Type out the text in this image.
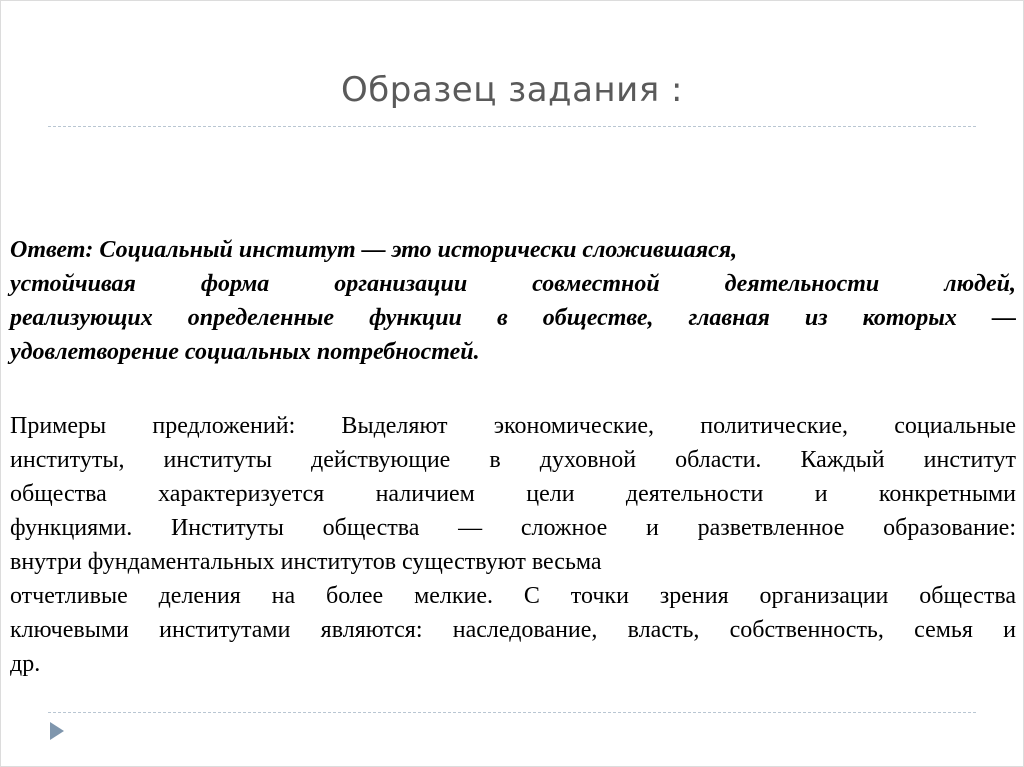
Образец задания :
Ответ: Социальный институт — это исторически сложившаяся,
устойчивая форма организации совместной деятельности людей,
реализующих определенные функции в обществе, главная из которых —
удовлетворение социальных потребностей.
Примеры предложений: Выделяют экономические, политические, социальные
институты, институты действующие в духовной области. Каждый институт
общества характеризуется наличием цели деятельности и конкретными
функциями. Институты общества — сложное и разветвленное образование:
внутри фундаментальных институтов существуют весьма
отчетливые деления на более мелкие. С точки зрения организации общества
ключевыми институтами являются: наследование, власть, собственность, семья и
др.
